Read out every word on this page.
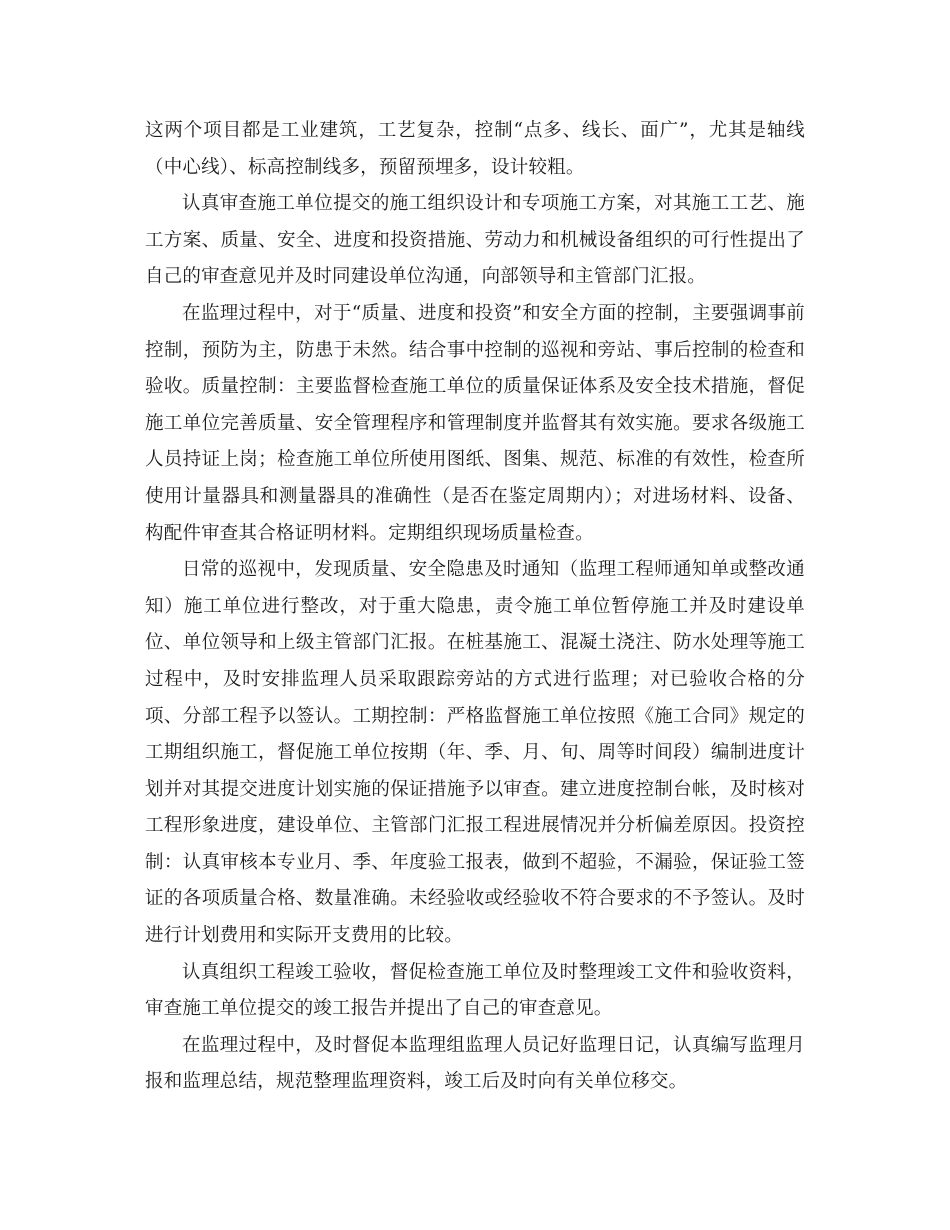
这两个项目都是工业建筑，工艺复杂，控制“点多、线长、面广”，尤其是轴线（中心线）、标高控制线多，预留预埋多，设计较粗。

认真审查施工单位提交的施工组织设计和专项施工方案，对其施工工艺、施工方案、质量、安全、进度和投资措施、劳动力和机械设备组织的可行性提出了自己的审查意见并及时同建设单位沟通，向部领导和主管部门汇报。

在监理过程中，对于“质量、进度和投资”和安全方面的控制，主要强调事前控制，预防为主，防患于未然。结合事中控制的巡视和旁站、事后控制的检查和验收。质量控制：主要监督检查施工单位的质量保证体系及安全技术措施，督促施工单位完善质量、安全管理程序和管理制度并监督其有效实施。要求各级施工人员持证上岗；检查施工单位所使用图纸、图集、规范、标准的有效性，检查所使用计量器具和测量器具的准确性（是否在鉴定周期内）；对进场材料、设备、构配件审查其合格证明材料。定期组织现场质量检查。

日常的巡视中，发现质量、安全隐患及时通知（监理工程师通知单或整改通知）施工单位进行整改，对于重大隐患，责令施工单位暂停施工并及时建设单位、单位领导和上级主管部门汇报。在桩基施工、混凝土浇注、防水处理等施工过程中，及时安排监理人员采取跟踪旁站的方式进行监理；对已验收合格的分项、分部工程予以签认。工期控制：严格监督施工单位按照《施工合同》规定的工期组织施工，督促施工单位按期（年、季、月、旬、周等时间段）编制进度计划并对其提交进度计划实施的保证措施予以审查。建立进度控制台帐，及时核对工程形象进度，建设单位、主管部门汇报工程进展情况并分析偏差原因。投资控制：认真审核本专业月、季、年度验工报表，做到不超验，不漏验，保证验工签证的各项质量合格、数量准确。未经验收或经验收不符合要求的不予签认。及时进行计划费用和实际开支费用的比较。

认真组织工程竣工验收，督促检查施工单位及时整理竣工文件和验收资料，审查施工单位提交的竣工报告并提出了自己的审查意见。

在监理过程中，及时督促本监理组监理人员记好监理日记，认真编写监理月报和监理总结，规范整理监理资料，竣工后及时向有关单位移交。
